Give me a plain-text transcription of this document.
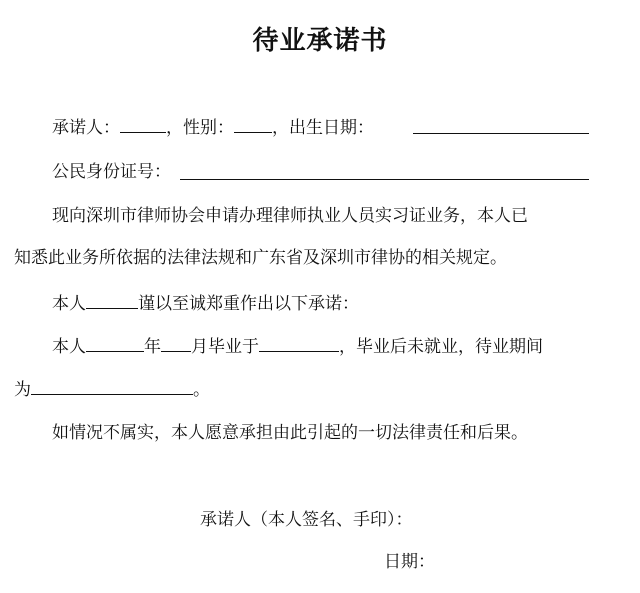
待业承诺书
承诺人：	，性别： ，出生日期：
公民身份证号：
现向深圳市律师协会申请办理律师执业人员实习证业务，本人已
知悉此业务所依据的法律法规和广东省及深圳市律协的相关规定。
本人	谨以至诚郑重作出以下承诺：
本人	年 月毕业于	，毕业后未就业，待业期间
为	。
如情况不属实，本人愿意承担由此引起的一切法律责任和后果。
承诺人（本人签名、手印）：
日期：
